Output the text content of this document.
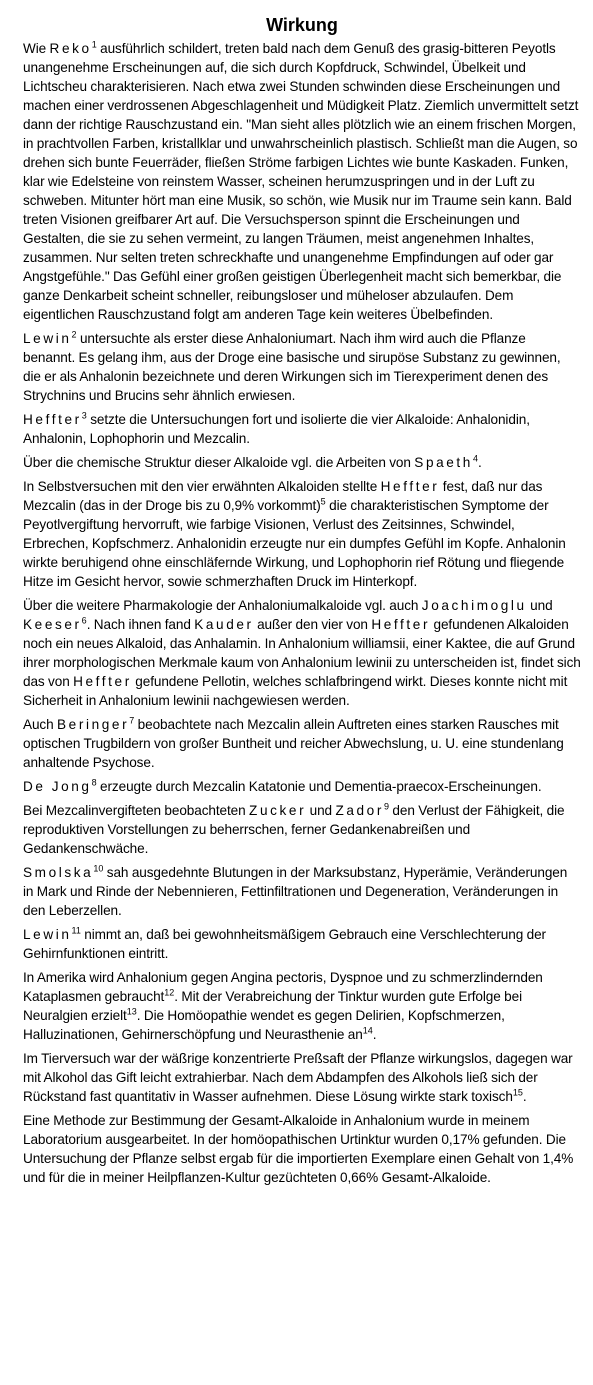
Wirkung

Wie Reko$^1$ ausführlich schildert, treten bald nach dem Genuß des grasig-bitteren Peyotls unangenehme Erscheinungen auf, die sich durch Kopfdruck, Schwindel, Übelkeit und Lichtscheu charakterisieren. Nach etwa zwei Stunden schwinden diese Erscheinungen und machen einer verdrossenen Abgeschlagenheit und Müdigkeit Platz. Ziemlich unvermittelt setzt dann der richtige Rauschzustand ein. "Man sieht alles plötzlich wie an einem frischen Morgen, in prachtvollen Farben, kristallklar und unwahrscheinlich plastisch. Schließt man die Augen, so drehen sich bunte Feuerräder, fließen Ströme farbigen Lichtes wie bunte Kaskaden. Funken, klar wie Edelsteine von reinstem Wasser, scheinen herumzuspringen und in der Luft zu schweben. Mitunter hört man eine Musik, so schön, wie Musik nur im Traume sein kann. Bald treten Visionen greifbarer Art auf. Die Versuchsperson spinnt die Erscheinungen und Gestalten, die sie zu sehen vermeint, zu langen Träumen, meist angenehmen Inhaltes, zusammen. Nur selten treten schreckhafte und unangenehme Empfindungen auf oder gar Angstgefühle." Das Gefühl einer großen geistigen Überlegenheit macht sich bemerkbar, die ganze Denkarbeit scheint schneller, reibungsloser und müheloser abzulaufen. Dem eigentlichen Rauschzustand folgt am anderen Tage kein weiteres Übelbefinden.

Lewin$^2$ untersuchte als erster diese Anhaloniumart. Nach ihm wird auch die Pflanze benannt. Es gelang ihm, aus der Droge eine basische und sirupöse Substanz zu gewinnen, die er als Anhalonin bezeichnete und deren Wirkungen sich im Tierexperiment denen des Strychnins und Brucins sehr ähnlich erwiesen.

Heffter$^3$ setzte die Untersuchungen fort und isolierte die vier Alkaloide: Anhalonidin, Anhalonin, Lophophorin und Mezcalin.

Über die chemische Struktur dieser Alkaloide vgl. die Arbeiten von Spaeth$^4$.

In Selbstversuchen mit den vier erwähnten Alkaloiden stellte Heffter fest, daß nur das Mezcalin (das in der Droge bis zu 0,9% vorkommt)$^5$ die charakteristischen Symptome der Peyotlvergiftung hervorruft, wie farbige Visionen, Verlust des Zeitsinnes, Schwindel, Erbrechen, Kopfschmerz. Anhalonidin erzeugte nur ein dumpfes Gefühl im Kopfe. Anhalonin wirkte beruhigend ohne einschläfernde Wirkung, und Lophophorin rief Rötung und fliegende Hitze im Gesicht hervor, sowie schmerzhaften Druck im Hinterkopf.

Über die weitere Pharmakologie der Anhaloniumalkaloide vgl. auch Joachimoglu und Keeser$^6$. Nach ihnen fand Kauder außer den vier von Heffter gefundenen Alkaloiden noch ein neues Alkaloid, das Anhalamin. In Anhalonium williamsii, einer Kaktee, die auf Grund ihrer morphologischen Merkmale kaum von Anhalonium lewinii zu unterscheiden ist, findet sich das von Heffter gefundene Pellotin, welches schlafbringend wirkt. Dieses konnte nicht mit Sicherheit in Anhalonium lewinii nachgewiesen werden.

Auch Beringer$^7$ beobachtete nach Mezcalin allein Auftreten eines starken Rausches mit optischen Trugbildern von großer Buntheit und reicher Abwechslung, u. U. eine stundenlang anhaltende Psychose.

De Jong$^8$ erzeugte durch Mezcalin Katatonie und Dementia-praecox-Erscheinungen.

Bei Mezcalinvergifteten beobachteten Zucker und Zador$^9$ den Verlust der Fähigkeit, die reproduktiven Vorstellungen zu beherrschen, ferner Gedankenabreißen und Gedankenschwäche.

Smolska$^{10}$ sah ausgedehnte Blutungen in der Marksubstanz, Hyperämie, Veränderungen in Mark und Rinde der Nebennieren, Fettinfiltrationen und Degeneration, Veränderungen in den Leberzellen.

Lewin$^{11}$ nimmt an, daß bei gewohnheitsmäßigem Gebrauch eine Verschlechterung der Gehirnfunktionen eintritt.

In Amerika wird Anhalonium gegen Angina pectoris, Dyspnoe und zu schmerzlindernden Kataplasmen gebraucht$^{12}$. Mit der Verabreichung der Tinktur wurden gute Erfolge bei Neuralgien erzielt$^{13}$. Die Homöopathie wendet es gegen Delirien, Kopfschmerzen, Halluzinationen, Gehirnerschöpfung und Neurasthenie $an^{14}$.

Im Tierversuch war der wäßrige konzentrierte Preßsaft der Pflanze wirkungslos, dagegen war mit Alkohol das Gift leicht extrahierbar. Nach dem Abdampfen des Alkohols ließ sich der Rückstand fast quantitativ in Wasser aufnehmen. Diese Lösung wirkte stark toxisch$^{15}$.

Eine Methode zur Bestimmung der Gesamt-Alkaloide in Anhalonium wurde in meinem Laboratorium ausgearbeitet. In der homöopathischen Urtinktur wurden 0,17% gefunden. Die Untersuchung der Pflanze selbst ergab für die importierten Exemplare einen Gehalt von 1,4% und für die in meiner Heilpflanzen-Kultur gezüchteten 0,66% Gesamt-Alkaloide.
